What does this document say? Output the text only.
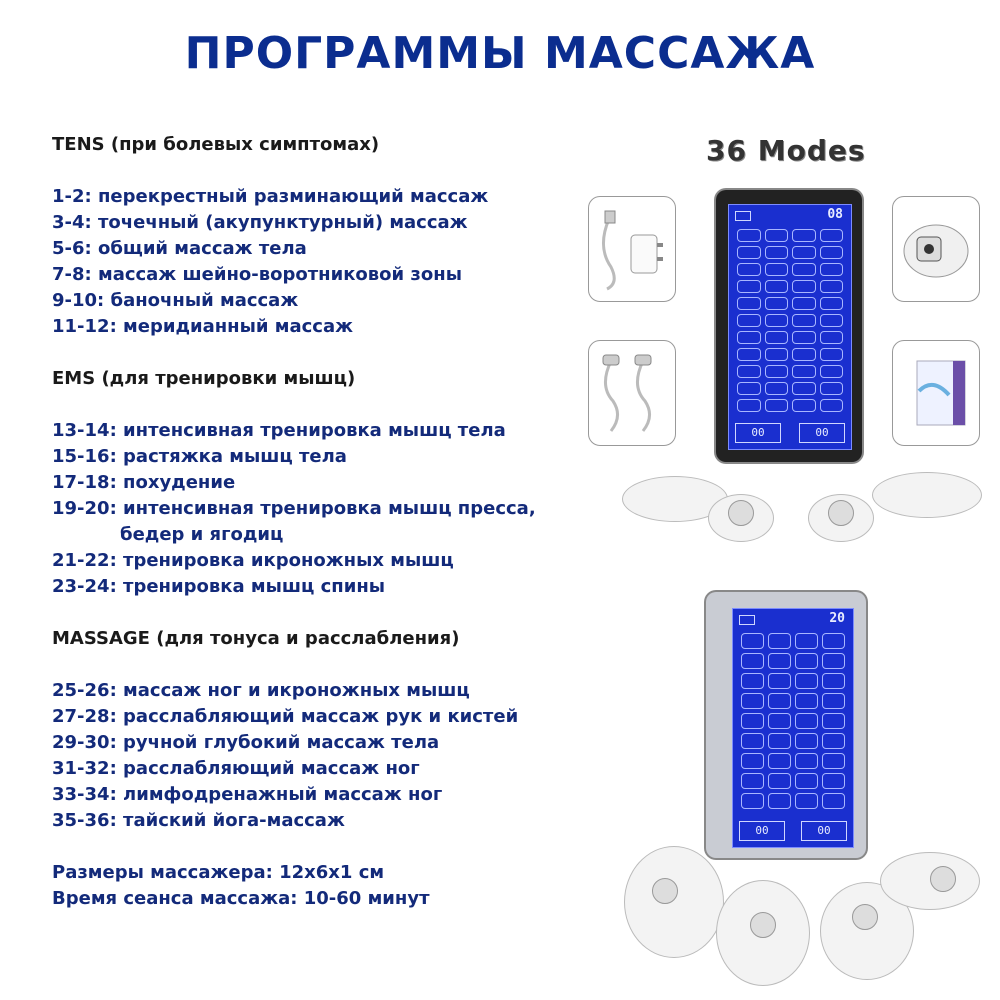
ПРОГРАММЫ МАССАЖА

TENS (при болевых симптомах)

1-2: перекрестный разминающий массаж

3-4: точечный (акупунктурный) массаж

5-6: общий массаж тела

7-8: массаж шейно-воротниковой зоны

9-10: баночный массаж

11-12: меридианный массаж

EMS (для тренировки мышц)

13-14: интенсивная тренировка мышц тела

15-16: растяжка мышц тела

17-18: похудение

19-20: интенсивная тренировка мышц пресса,

бедер и ягодиц

21-22: тренировка икроножных мышц

23-24: тренировка мышц спины

MASSAGE (для тонуса и расслабления)

25-26: массаж ног и икроножных мышц

27-28: расслабляющий массаж рук и кистей

29-30: ручной глубокий массаж тела

31-32: расслабляющий массаж ног

33-34: лимфодренажный массаж ног

35-36: тайский йога-массаж

Размеры массажера: 12x6x1 см

Время сеанса массажа: 10-60 минут

36 Modes
08
00	00
20
00	00
